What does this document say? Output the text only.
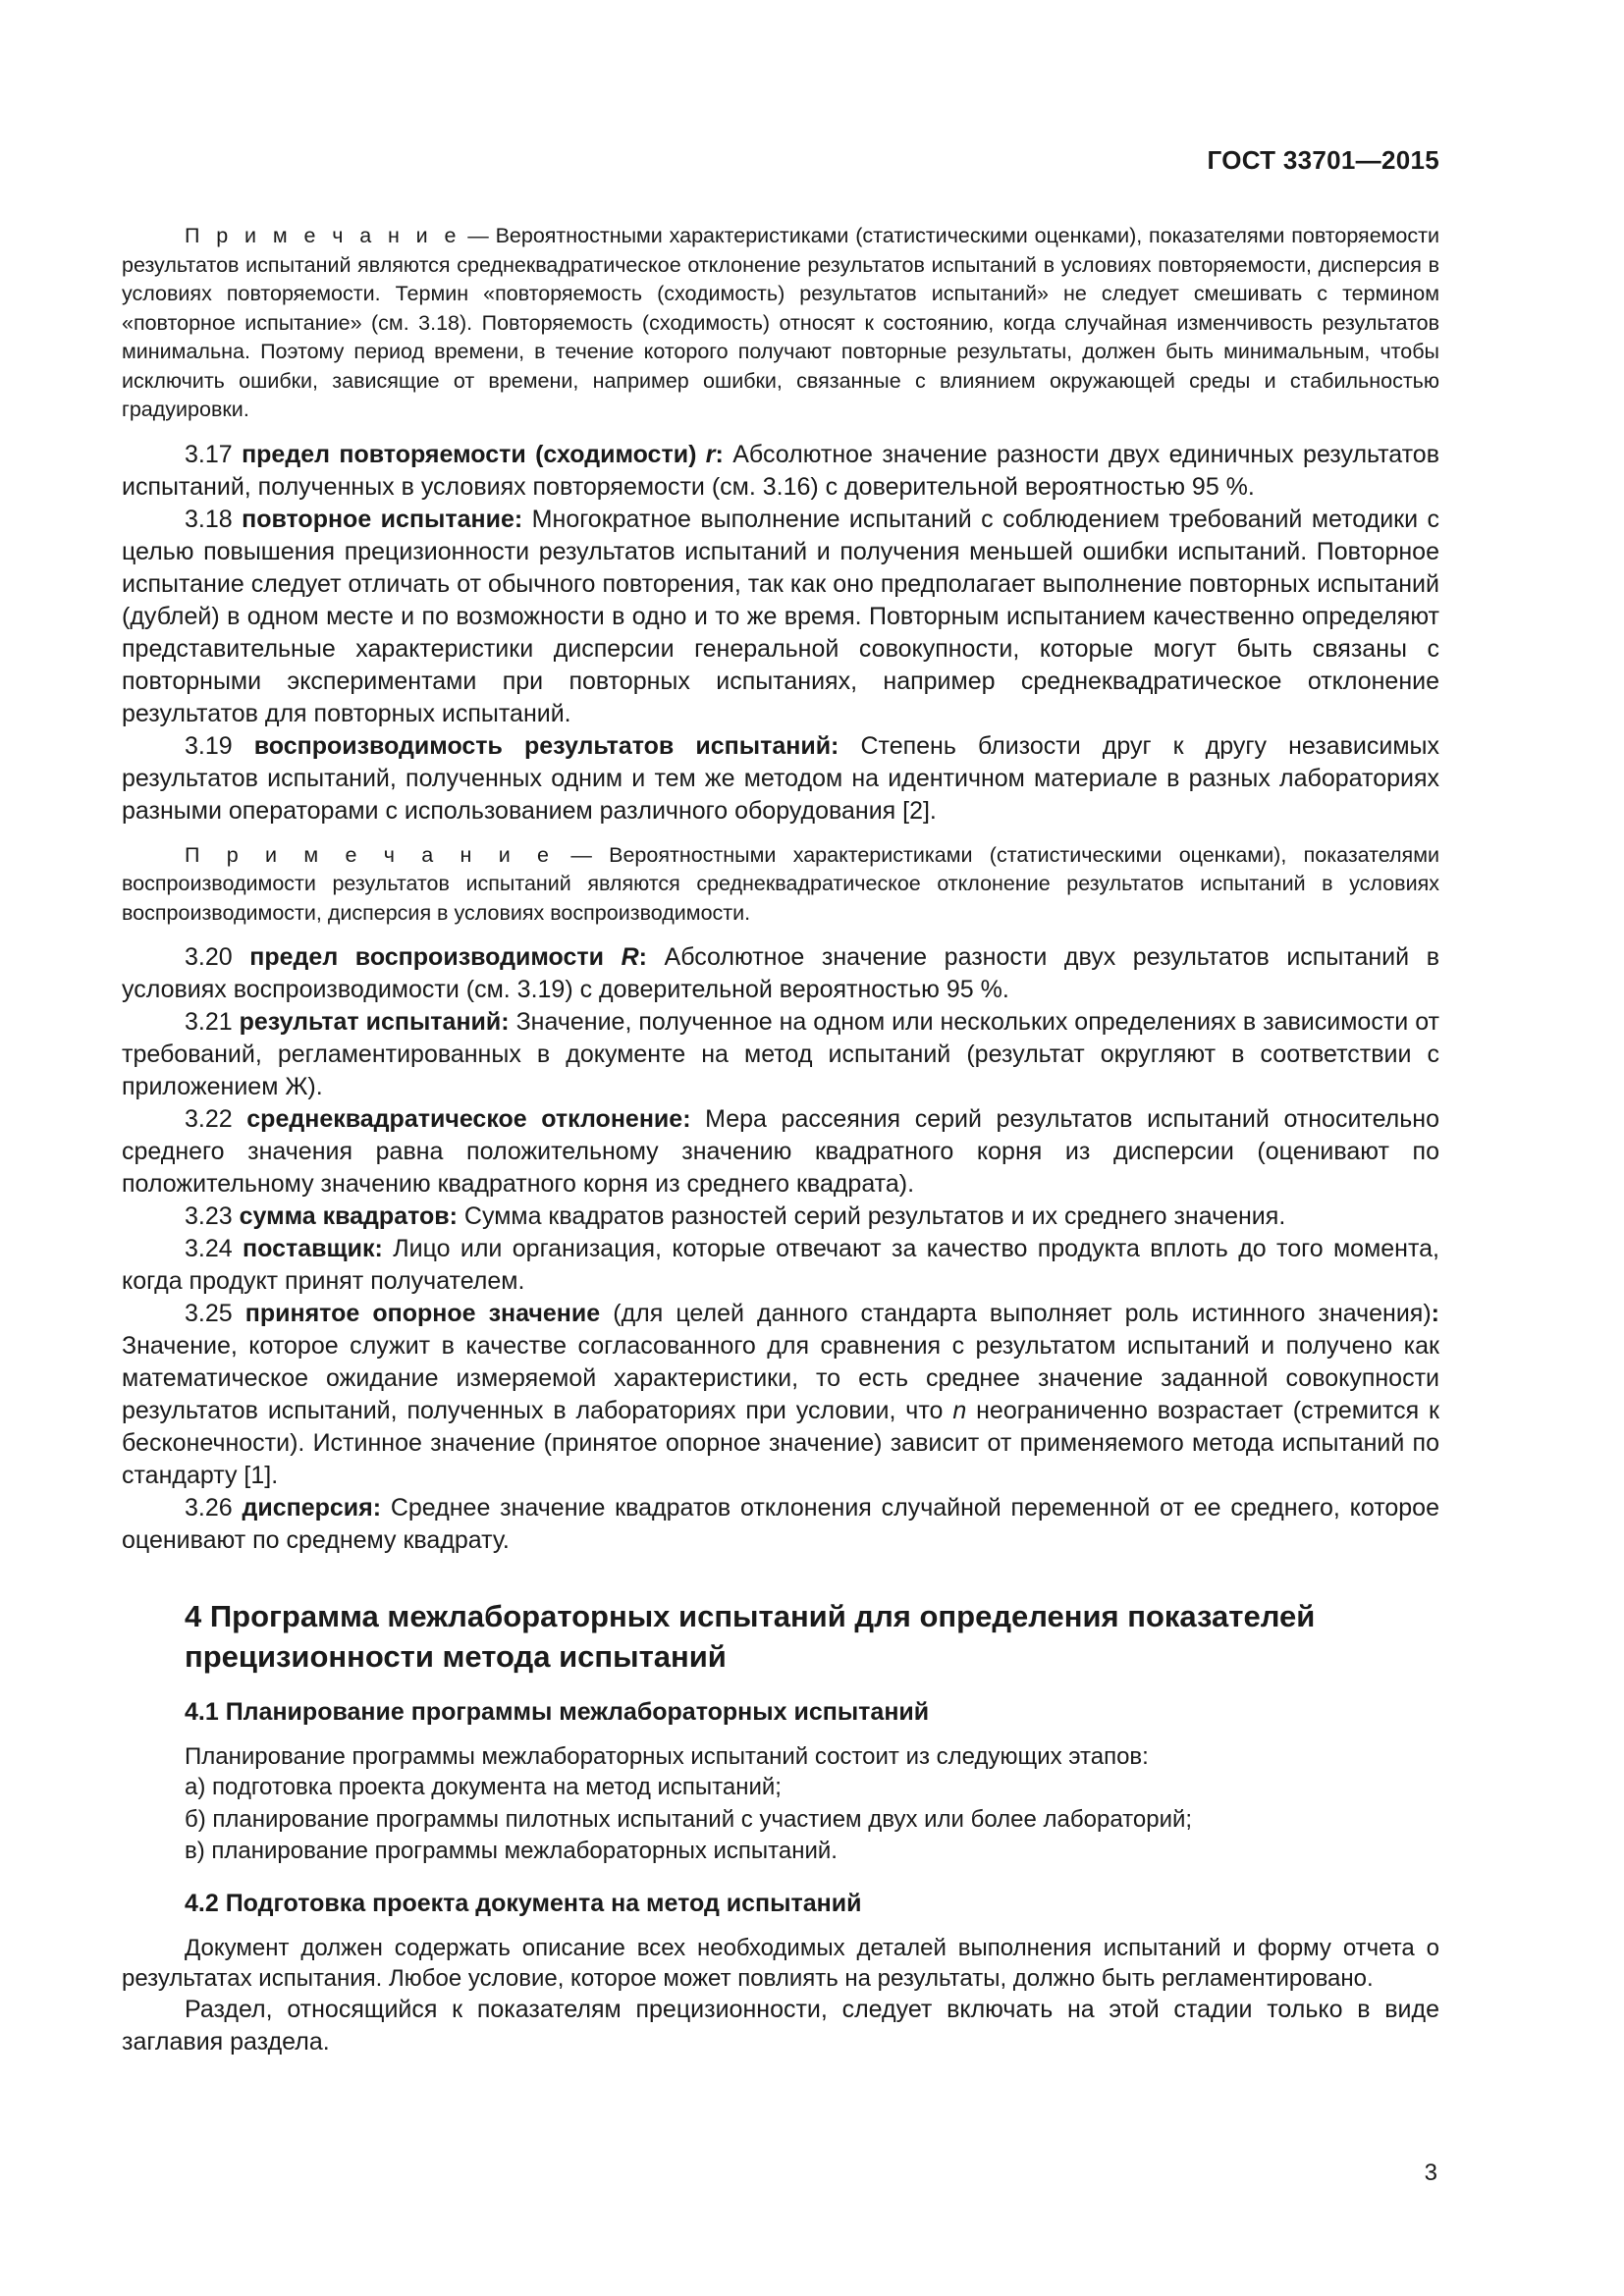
ГОСТ 33701—2015

П р и м е ч а н и е — Вероятностными характеристиками (статистическими оценками), показателями повторяемости результатов испытаний являются среднеквадратическое отклонение результатов испытаний в условиях повторяемости, дисперсия в условиях повторяемости. Термин «повторяемость (сходимость) результатов испытаний» не следует смешивать с термином «повторное испытание» (см. 3.18). Повторяемость (сходимость) относят к состоянию, когда случайная изменчивость результатов минимальна. Поэтому период времени, в течение которого получают повторные результаты, должен быть минимальным, чтобы исключить ошибки, зависящие от времени, например ошибки, связанные с влиянием окружающей среды и стабильностью градуировки.

3.17 предел повторяемости (сходимости) r: Абсолютное значение разности двух единичных результатов испытаний, полученных в условиях повторяемости (см. 3.16) с доверительной вероятностью 95 %.

3.18 повторное испытание: Многократное выполнение испытаний с соблюдением требований методики с целью повышения прецизионности результатов испытаний и получения меньшей ошибки испытаний. Повторное испытание следует отличать от обычного повторения, так как оно предполагает выполнение повторных испытаний (дублей) в одном месте и по возможности в одно и то же время. Повторным испытанием качественно определяют представительные характеристики дисперсии генеральной совокупности, которые могут быть связаны с повторными экспериментами при повторных испытаниях, например среднеквадратическое отклонение результатов для повторных испытаний.

3.19 воспроизводимость результатов испытаний: Степень близости друг к другу независимых результатов испытаний, полученных одним и тем же методом на идентичном материале в разных лабораториях разными операторами с использованием различного оборудования [2].

П р и м е ч а н и е — Вероятностными характеристиками (статистическими оценками), показателями воспроизводимости результатов испытаний являются среднеквадратическое отклонение результатов испытаний в условиях воспроизводимости, дисперсия в условиях воспроизводимости.

3.20 предел воспроизводимости R: Абсолютное значение разности двух результатов испытаний в условиях воспроизводимости (см. 3.19) с доверительной вероятностью 95 %.

3.21 результат испытаний: Значение, полученное на одном или нескольких определениях в зависимости от требований, регламентированных в документе на метод испытаний (результат округляют в соответствии с приложением Ж).

3.22 среднеквадратическое отклонение: Мера рассеяния серий результатов испытаний относительно среднего значения равна положительному значению квадратного корня из дисперсии (оценивают по положительному значению квадратного корня из среднего квадрата).

3.23 сумма квадратов: Сумма квадратов разностей серий результатов и их среднего значения.

3.24 поставщик: Лицо или организация, которые отвечают за качество продукта вплоть до того момента, когда продукт принят получателем.

3.25 принятое опорное значение (для целей данного стандарта выполняет роль истинного значения): Значение, которое служит в качестве согласованного для сравнения с результатом испытаний и получено как математическое ожидание измеряемой характеристики, то есть среднее значение заданной совокупности результатов испытаний, полученных в лабораториях при условии, что n неограниченно возрастает (стремится к бесконечности). Истинное значение (принятое опорное значение) зависит от применяемого метода испытаний по стандарту [1].

3.26 дисперсия: Среднее значение квадратов отклонения случайной переменной от ее среднего, которое оценивают по среднему квадрату.

4 Программа межлабораторных испытаний для определения показателей прецизионности метода испытаний
4.1 Планирование программы межлабораторных испытаний

Планирование программы межлабораторных испытаний состоит из следующих этапов:

а) подготовка проекта документа на метод испытаний;

б) планирование программы пилотных испытаний с участием двух или более лабораторий;

в) планирование программы межлабораторных испытаний.

4.2 Подготовка проекта документа на метод испытаний

Документ должен содержать описание всех необходимых деталей выполнения испытаний и форму отчета о результатах испытания. Любое условие, которое может повлиять на результаты, должно быть регламентировано.

Раздел, относящийся к показателям прецизионности, следует включать на этой стадии только в виде заглавия раздела.

3
